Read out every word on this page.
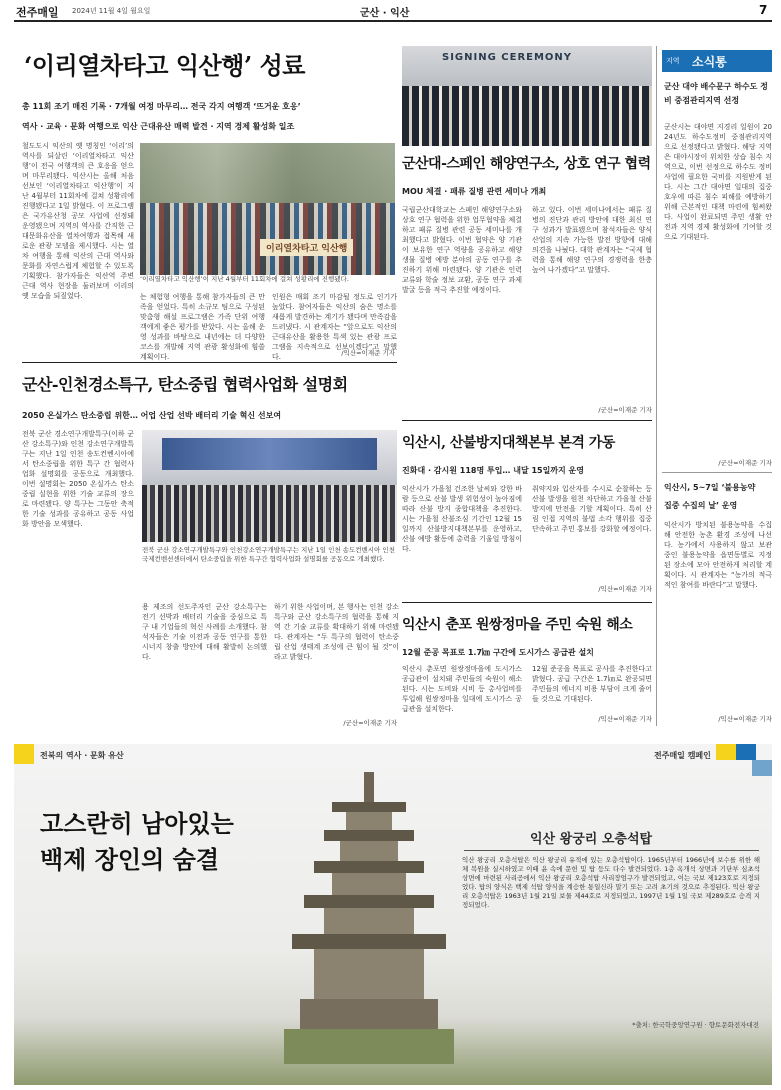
전주매일 2024년 11월 4일 월요일	군산 · 익산	7
‘이리열차타고 익산행’ 성료
총 11회 조기 매진 기록 · 7개월 여정 마무리… 전국 각지 여행객 ‘뜨거운 호응’
역사 · 교육 · 문화 여행으로 익산 근대유산 매력 발견 · 지역 경제 활성화 일조
철도도시 익산의 옛 명칭인 ‘이리’의 역사를 되살린 ‘이리열차타고 익산행’이 전국 여행객의 큰 호응을 얻으며 마무리됐다. 익산시는 올해 처음 선보인 ‘이리열차타고 익산행’이 지난 4월부터 11회차에 걸쳐 성황리에 진행됐다고 1일 밝혔다. 이 프로그램은 국가유산청 공모 사업에 선정돼 운영됐으며 지역의 역사를 간직한 근대문화유산을 열차여행과 접목해 새로운 관광 모델을 제시했다. 시는 열차 여행을 통해 익산의 근대 역사와 문화를 자연스럽게 체험할 수 있도록 기획했다. 참가자들은 익산역 주변 근대 역사 현장을 둘러보며 이리의 옛 모습을 되짚었다.
이리열차타고 익산행
‘이리열차타고 익산행’이 지난 4월부터 11회차에 걸쳐 성황리에 진행됐다.
는 체험형 여행을 통해 참가자들의 큰 만족을 얻었다. 특히 소규모 팀으로 구성된 맞춤형 해설 프로그램은 가족 단위 여행객에게 좋은 평가를 받았다. 시는 올해 운영 성과를 바탕으로 내년에는 더 다양한 코스를 개발해 지역 관광 활성화에 힘쓸 계획이다.
인원은 매회 조기 마감될 정도로 인기가 높았다. 참여자들은 익산의 숨은 명소를 새롭게 발견하는 계기가 됐다며 만족감을 드러냈다. 시 관계자는 “앞으로도 익산의 근대유산을 활용한 특색 있는 관광 프로그램을 지속적으로 선보이겠다”고 말했다.	/익산=이재준 기자
군산-인천경소특구, 탄소중립 협력사업화 설명회
2050 온실가스 탄소중립 위한… 어업 산업 선박 배터리 기술 혁신 선보여
전북 군산 경소연구개발특구(이하 군산 강소특구)와 인천 강소연구개발특구는 지난 1일 인천 송도컨벤시아에서 탄소중립을 위한 특구 간 협력사업화 설명회를 공동으로 개최했다. 이번 설명회는 2050 온실가스 탄소중립 실현을 위한 기술 교류의 장으로 마련됐다. 양 특구는 그동안 축적한 기술 성과를 공유하고 공동 사업화 방안을 모색했다.
전북 군산 강소연구개발특구와 인천강소연구개발특구는 지난 1일 인천 송도컨벤시아 인천국제컨벤션센터에서 탄소중립을 위한 특구간 협력사업화 설명회를 공동으로 개최했다.
용 제조의 선도주자인 군산 강소특구는 전기 선박과 배터리 기술을 중심으로 특구 내 기업들의 혁신 사례를 소개했다. 참석자들은 기술 이전과 공동 연구를 통한 시너지 창출 방안에 대해 활발히 논의했다.
하기 위한 사업이며, 본 행사는 인천 강소특구와 군산 강소특구의 협력을 통해 지역 간 기술 교류를 확대하기 위해 마련됐다. 관계자는 “두 특구의 협력이 탄소중립 산업 생태계 조성에 큰 힘이 될 것”이라고 밝혔다.
/군산=이재준 기자
SIGNING CEREMONY
군산대-스페인 해양연구소, 상호 연구 협력
MOU 체결 · 패류 질병 관련 세미나 개최
국립군산대학교는 스페인 해양연구소와 상호 연구 협력을 위한 업무협약을 체결하고 패류 질병 관련 공동 세미나를 개최했다고 밝혔다. 이번 협약은 양 기관이 보유한 연구 역량을 공유하고 해양 생물 질병 예방 분야의 공동 연구를 추진하기 위해 마련됐다. 양 기관은 인력 교류와 학술 정보 교환, 공동 연구 과제 발굴 등을 적극 추진할 예정이다.
하고 있다. 이번 세미나에서는 패류 질병의 진단과 관리 방안에 대한 최신 연구 성과가 발표됐으며 참석자들은 양식 산업의 지속 가능한 발전 방향에 대해 의견을 나눴다. 대학 관계자는 “국제 협력을 통해 해양 연구의 경쟁력을 한층 높여 나가겠다”고 말했다.
/군산=이재준 기자
익산시, 산불방지대책본부 본격 가동
진화대 · 감시원 118명 투입… 내달 15일까지 운영
익산시가 가을철 건조한 날씨와 강한 바람 등으로 산불 발생 위험성이 높아짐에 따라 산불 방지 종합대책을 추진한다. 시는 가을철 산불조심 기간인 12월 15일까지 산불방지대책본부를 운영하고, 산불 예방 활동에 총력을 기울일 방침이다.
취약지와 입산자를 수시로 순찰하는 등 산불 발생을 원천 차단하고 가을철 산불방지에 만전을 기할 계획이다. 특히 산림 인접 지역의 불법 소각 행위를 집중 단속하고 주민 홍보를 강화할 예정이다.
/익산=이재준 기자
익산시 춘포 원쌍정마을 주민 숙원 해소
12월 준공 목표로 1.7㎞ 구간에 도시가스 공급관 설치
익산시 춘포면 원쌍정마을에 도시가스 공급관이 설치돼 주민들의 숙원이 해소된다. 시는 도비와 시비 등 총사업비를 투입해 원쌍정마을 일대에 도시가스 공급관을 설치한다.
12월 준공을 목표로 공사를 추진한다고 밝혔다. 공급 구간은 1.7㎞로 완공되면 주민들의 에너지 비용 부담이 크게 줄어들 것으로 기대된다.
/익산=이재준 기자
지역 소식통
군산 대야 배수문구 하수도 정비 중점관리지역 선정
군산시는 대야면 지경리 일원이 2024년도 하수도정비 중점관리지역으로 선정됐다고 밝혔다. 해당 지역은 대야시장이 위치한 상습 침수 지역으로, 이번 선정으로 하수도 정비 사업에 필요한 국비를 지원받게 된다. 시는 그간 대야면 일대의 집중 호우에 따른 침수 피해를 예방하기 위해 근본적인 대책 마련에 힘써왔다. 사업이 완료되면 주민 생활 안전과 지역 경제 활성화에 기여할 것으로 기대된다.
/군산=이재준 기자
익산시, 5~7일 ‘불용농약
집중 수집의 날’ 운영
익산시가 방치된 불용농약을 수집해 안전한 농촌 환경 조성에 나선다. 농가에서 사용하지 않고 보관 중인 불용농약을 읍면동별로 지정된 장소에 모아 안전하게 처리할 계획이다. 시 관계자는 “농가의 적극적인 참여를 바란다”고 말했다.
/익산=이재준 기자
전북의 역사 · 문화 유산	전주매일 캠페인
고스란히 남아있는
백제 장인의 숨결
익산 왕궁리 오층석탑
익산 왕궁리 오층석탑은 익산 왕궁리 유적에 있는 오층석탑이다. 1965년부터 1966년에 보수를 위한 해체 복원을 실시하였고 이때 윤 속에 문헌 및 탑 등도 다수 발견되었다. 1층 옥개석 상면과 기단부 심초석 상면에 마련된 사리공에서 익산 왕궁리 오층석탑 사리장엄구가 발견되었고, 이는 국보 제123호로 지정되었다. 탑의 양식은 백제 석탑 양식을 계승한 통일신라 말기 또는 고려 초기의 것으로 추정된다. 익산 왕궁리 오층석탑은 1963년 1월 21일 보물 제44호로 지정되었고, 1997년 1월 1일 국보 제289호로 승격 지정되었다.
*출처: 한국학중앙연구원 · 향토문화전자대전
